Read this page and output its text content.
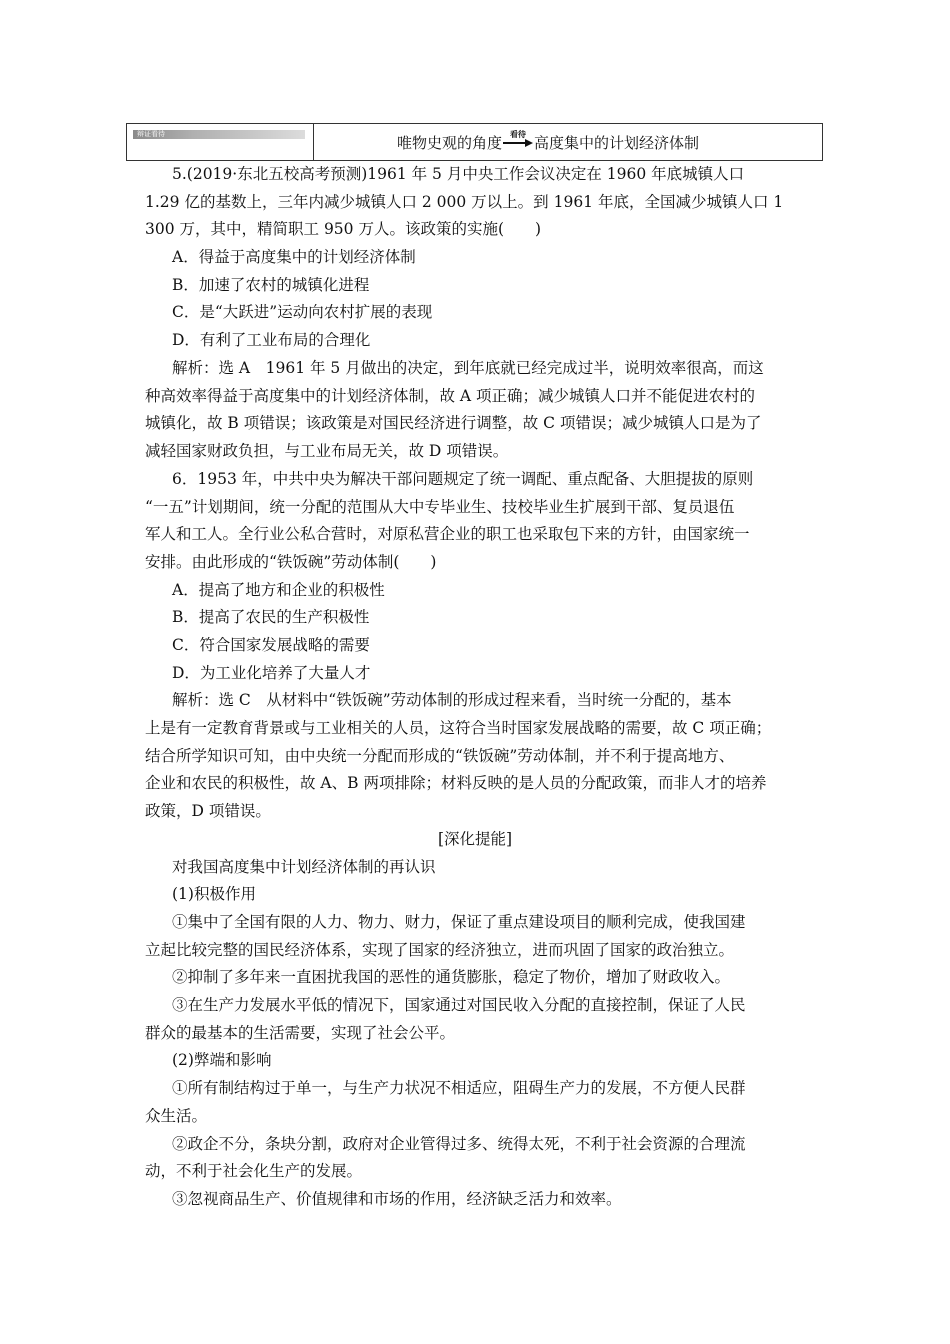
辩证看待	唯物史观的角度 看待 高度集中的计划经济体制
5.(2019·东北五校高考预测)1961 年 5 月中央工作会议决定在 1960 年底城镇人口
1.29 亿的基数上，三年内减少城镇人口 2 000 万以上。到 1961 年底，全国减少城镇人口 1
300 万，其中，精简职工 950 万人。该政策的实施(　　)
A．得益于高度集中的计划经济体制
B．加速了农村的城镇化进程
C．是“大跃进”运动向农村扩展的表现
D．有利了工业布局的合理化
解析：选 A　1961 年 5 月做出的决定，到年底就已经完成过半，说明效率很高，而这
种高效率得益于高度集中的计划经济体制，故 A 项正确；减少城镇人口并不能促进农村的
城镇化，故 B 项错误；该政策是对国民经济进行调整，故 C 项错误；减少城镇人口是为了
减轻国家财政负担，与工业布局无关，故 D 项错误。
6．1953 年，中共中央为解决干部问题规定了统一调配、重点配备、大胆提拔的原则
“一五”计划期间，统一分配的范围从大中专毕业生、技校毕业生扩展到干部、复员退伍
军人和工人。全行业公私合营时，对原私营企业的职工也采取包下来的方针，由国家统一
安排。由此形成的“铁饭碗”劳动体制(　　)
A．提高了地方和企业的积极性
B．提高了农民的生产积极性
C．符合国家发展战略的需要
D．为工业化培养了大量人才
解析：选 C　从材料中“铁饭碗”劳动体制的形成过程来看，当时统一分配的，基本
上是有一定教育背景或与工业相关的人员，这符合当时国家发展战略的需要，故 C 项正确；
结合所学知识可知，由中央统一分配而形成的“铁饭碗”劳动体制，并不利于提高地方、
企业和农民的积极性，故 A、B 两项排除；材料反映的是人员的分配政策，而非人才的培养
政策，D 项错误。
[深化提能]
对我国高度集中计划经济体制的再认识
(1)积极作用
①集中了全国有限的人力、物力、财力，保证了重点建设项目的顺利完成，使我国建
立起比较完整的国民经济体系，实现了国家的经济独立，进而巩固了国家的政治独立。
②抑制了多年来一直困扰我国的恶性的通货膨胀，稳定了物价，增加了财政收入。
③在生产力发展水平低的情况下，国家通过对国民收入分配的直接控制，保证了人民
群众的最基本的生活需要，实现了社会公平。
(2)弊端和影响
①所有制结构过于单一，与生产力状况不相适应，阻碍生产力的发展，不方便人民群
众生活。
②政企不分，条块分割，政府对企业管得过多、统得太死，不利于社会资源的合理流
动，不利于社会化生产的发展。
③忽视商品生产、价值规律和市场的作用，经济缺乏活力和效率。
